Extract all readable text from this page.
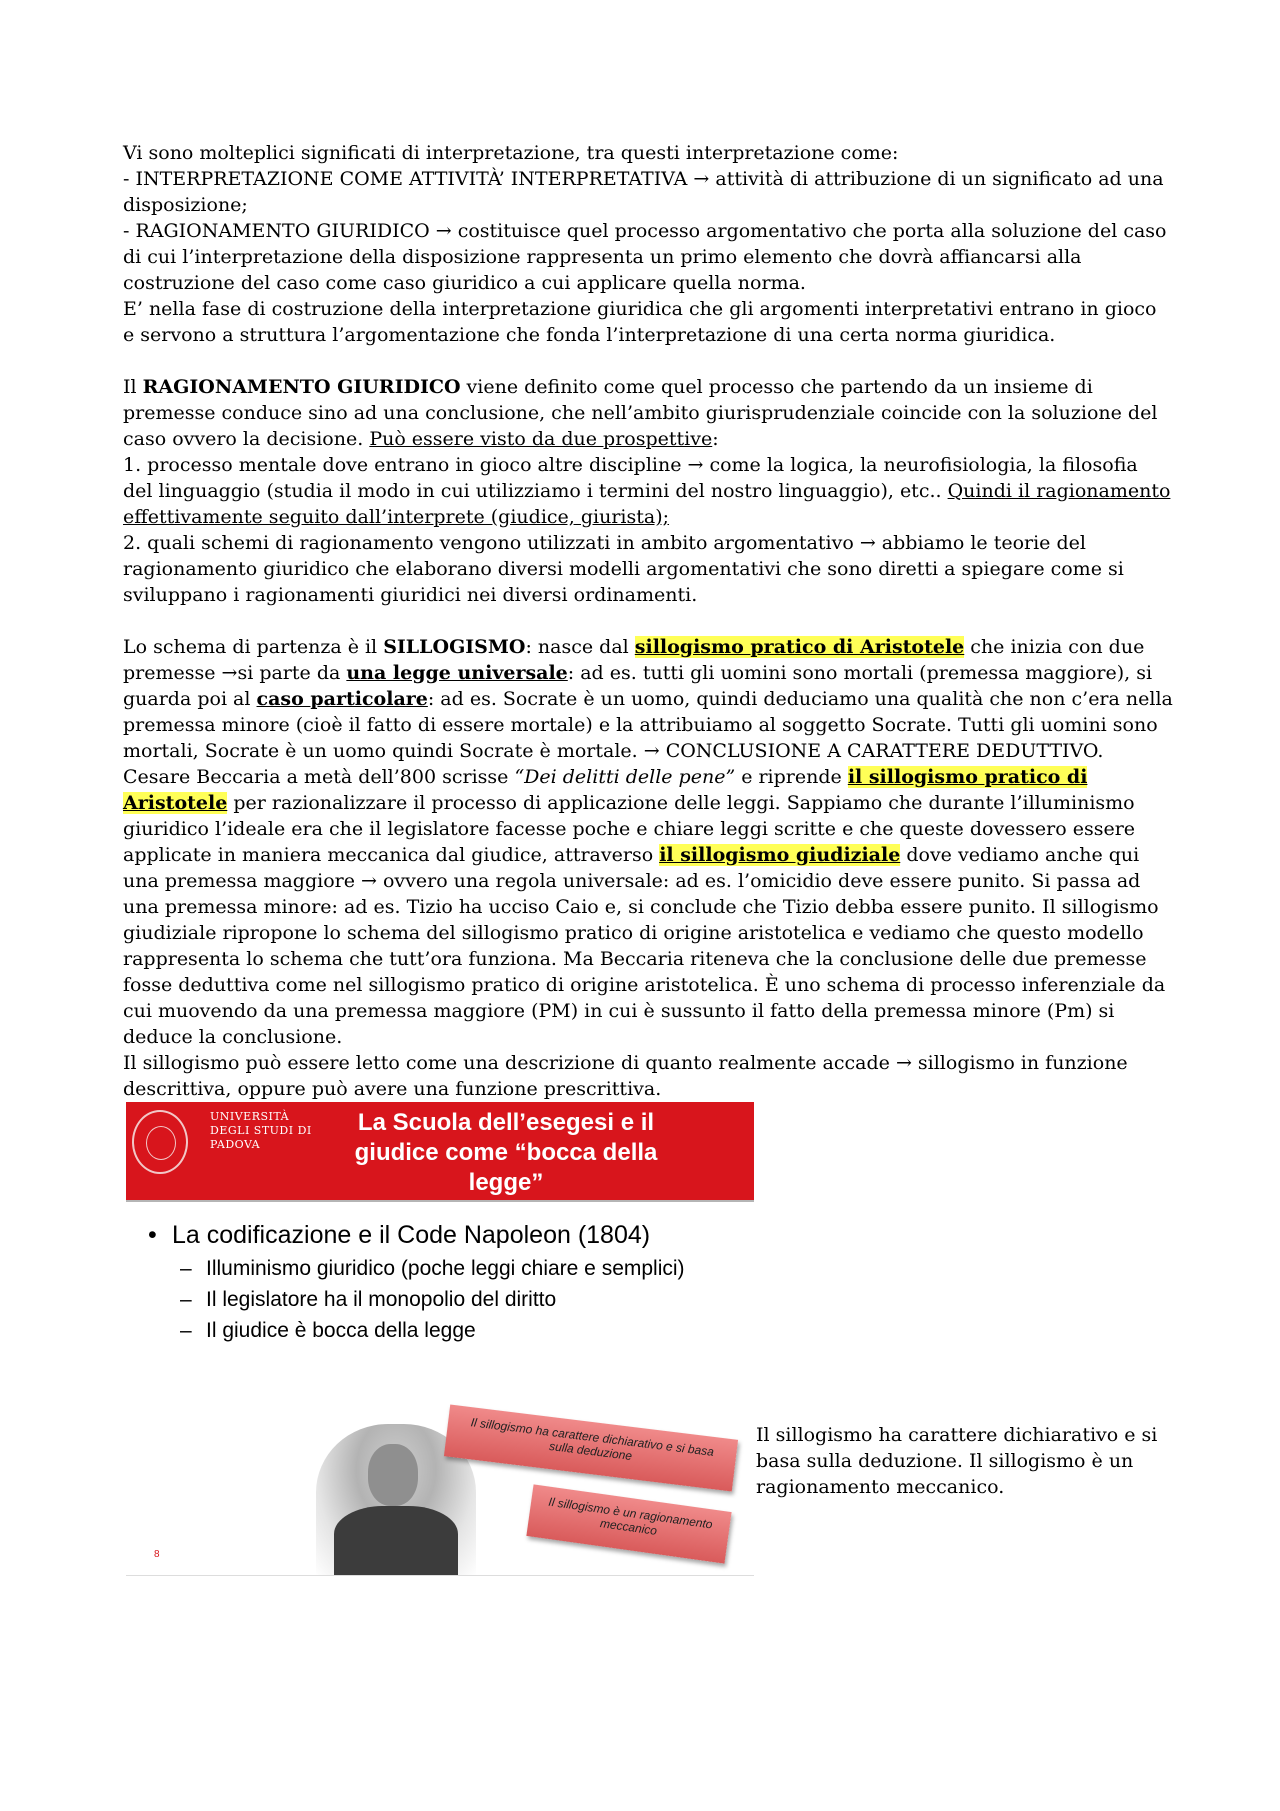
Vi sono molteplici significati di interpretazione, tra questi interpretazione come:

- INTERPRETAZIONE COME ATTIVITÀ’ INTERPRETATIVA → attività di attribuzione di un significato ad una disposizione;

- RAGIONAMENTO GIURIDICO → costituisce quel processo argomentativo che porta alla soluzione del caso di cui l’interpretazione della disposizione rappresenta un primo elemento che dovrà affiancarsi alla costruzione del caso come caso giuridico a cui applicare quella norma.

E’ nella fase di costruzione della interpretazione giuridica che gli argomenti interpretativi entrano in gioco e servono a struttura l’argomentazione che fonda l’interpretazione di una certa norma giuridica.

Il RAGIONAMENTO GIURIDICO viene definito come quel processo che partendo da un insieme di premesse conduce sino ad una conclusione, che nell’ambito giurisprudenziale coincide con la soluzione del caso ovvero la decisione. Può essere visto da due prospettive:

1. processo mentale dove entrano in gioco altre discipline → come la logica, la neurofisiologia, la filosofia del linguaggio (studia il modo in cui utilizziamo i termini del nostro linguaggio), etc.. Quindi il ragionamento effettivamente seguito dall’interprete (giudice, giurista);

2. quali schemi di ragionamento vengono utilizzati in ambito argomentativo → abbiamo le teorie del ragionamento giuridico che elaborano diversi modelli argomentativi che sono diretti a spiegare come si sviluppano i ragionamenti giuridici nei diversi ordinamenti.

Lo schema di partenza è il SILLOGISMO: nasce dal sillogismo pratico di Aristotele che inizia con due premesse →si parte da una legge universale: ad es. tutti gli uomini sono mortali (premessa maggiore), si guarda poi al caso particolare: ad es. Socrate è un uomo, quindi deduciamo una qualità che non c’era nella premessa minore (cioè il fatto di essere mortale) e la attribuiamo al soggetto Socrate. Tutti gli uomini sono mortali, Socrate è un uomo quindi Socrate è mortale. → CONCLUSIONE A CARATTERE DEDUTTIVO.

Cesare Beccaria a metà dell’800 scrisse “Dei delitti delle pene” e riprende il sillogismo pratico di Aristotele per razionalizzare il processo di applicazione delle leggi. Sappiamo che durante l’illuminismo giuridico l’ideale era che il legislatore facesse poche e chiare leggi scritte e che queste dovessero essere applicate in maniera meccanica dal giudice, attraverso il sillogismo giudiziale dove vediamo anche qui una premessa maggiore → ovvero una regola universale: ad es. l’omicidio deve essere punito. Si passa ad una premessa minore: ad es. Tizio ha ucciso Caio e, si conclude che Tizio debba essere punito. Il sillogismo giudiziale ripropone lo schema del sillogismo pratico di origine aristotelica e vediamo che questo modello rappresenta lo schema che tutt’ora funziona. Ma Beccaria riteneva che la conclusione delle due premesse fosse deduttiva come nel sillogismo pratico di origine aristotelica. È uno schema di processo inferenziale da cui muovendo da una premessa maggiore (PM) in cui è sussunto il fatto della premessa minore (Pm) si deduce la conclusione.

Il sillogismo può essere letto come una descrizione di quanto realmente accade → sillogismo in funzione descrittiva, oppure può avere una funzione prescrittiva.

UNIVERSITÀ DEGLI STUDI DI PADOVA
La Scuola dell’esegesi e il giudice come “bocca della legge”
• La codificazione e il Code Napoleon (1804)
– Illuminismo giuridico (poche leggi chiare e semplici)
– Il legislatore ha il monopolio del diritto
– Il giudice è bocca della legge
Il sillogismo ha carattere dichiarativo e si basa sulla deduzione
Il sillogismo è un ragionamento meccanico
8

Il sillogismo ha carattere dichiarativo e si basa sulla deduzione. Il sillogismo è un ragionamento meccanico.
